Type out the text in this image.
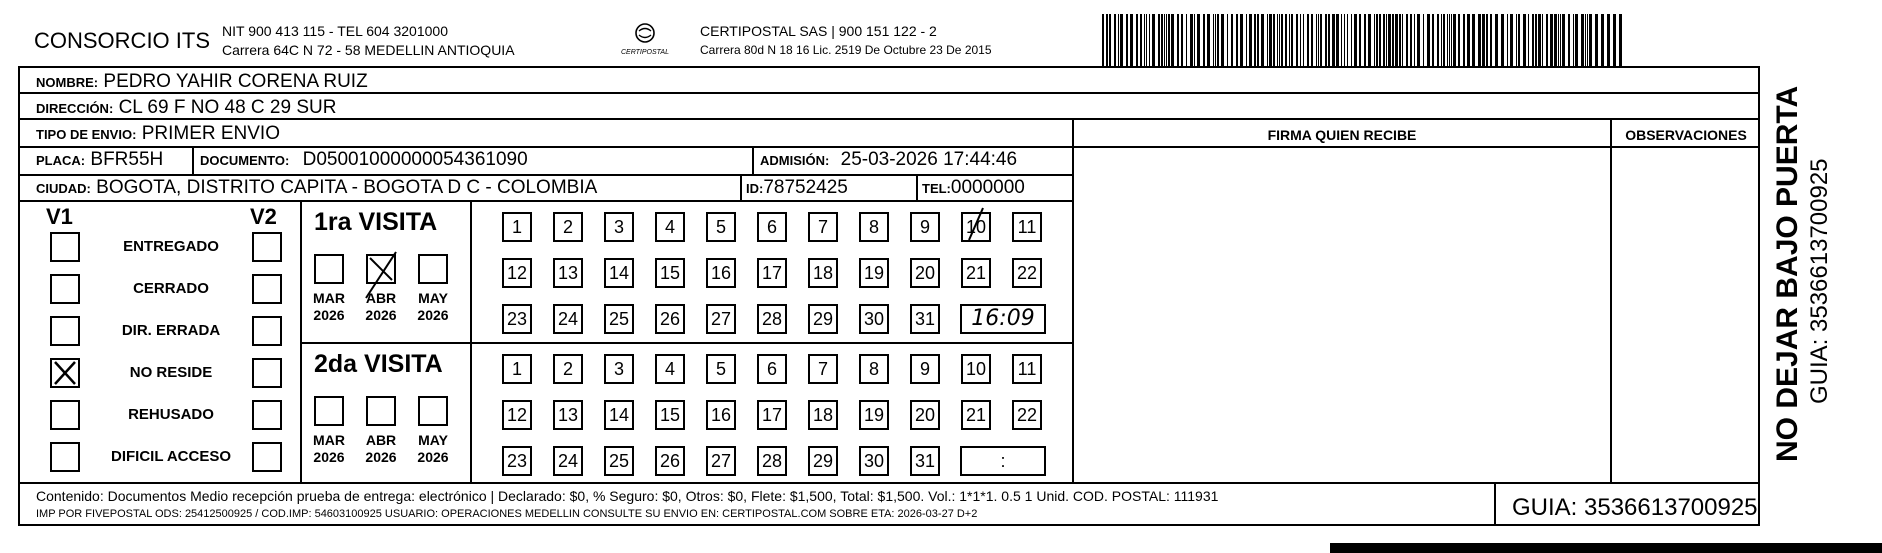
CONSORCIO ITS NIT 900 413 115 - TEL 604 3201000
Carrera 64C N 72 - 58 MEDELLIN ANTIOQUIA	CERTIPOSTAL
CERTIPOSTAL SAS | 900 151 122 - 2
Carrera 80d N 18 16 Lic. 2519 De Octubre 23 De 2015
NOMBRE: PEDRO YAHIR CORENA RUIZ
DIRECCIÓN: CL 69 F NO 48 C 29 SUR
TIPO DE ENVIO: PRIMER ENVIO
PLACA: BFR55H	DOCUMENTO: D05001000000054361090	ADMISIÓN: 25-03-2026 17:44:46
CIUDAD: BOGOTA, DISTRITO CAPITA - BOGOTA D C - COLOMBIA	ID:78752425	TEL:0000000
FIRMA QUIEN RECIBE	OBSERVACIONES
V1	V2
ENTREGADO
CERRADO
DIR. ERRADA
NO RESIDE
REHUSADO
DIFICIL ACCESO
1ra VISITA
MAR
2026
ABR
2026
MAY
2026
1	2	3	4	5	6	7	8	9	10	11
12 13 14 15 16 17 18 19 20 21 22
23 24 25 26 27 28 29 30 31	16:09
2da VISITA
MAR
2026
ABR
2026
MAY
2026
1	2	3	4	5	6	7	8	9	10	11
12 13 14 15 16 17 18 19 20 21 22
23 24 25 26 27 28 29 30 31	:
Contenido: Documentos Medio recepción prueba de entrega: electrónico | Declarado: $0, % Seguro: $0, Otros: $0, Flete: $1,500, Total: $1,500. Vol.: 1*1*1. 0.5 1 Unid. COD. POSTAL: 111931
IMP POR FIVEPOSTAL ODS: 25412500925 / COD.IMP: 54603100925 USUARIO: OPERACIONES MEDELLIN CONSULTE SU ENVIO EN: CERTIPOSTAL.COM SOBRE ETA: 2026-03-27 D+2	GUIA: 3536613700925
NO DEJAR BAJO PUERTA GUIA: 3536613700925
